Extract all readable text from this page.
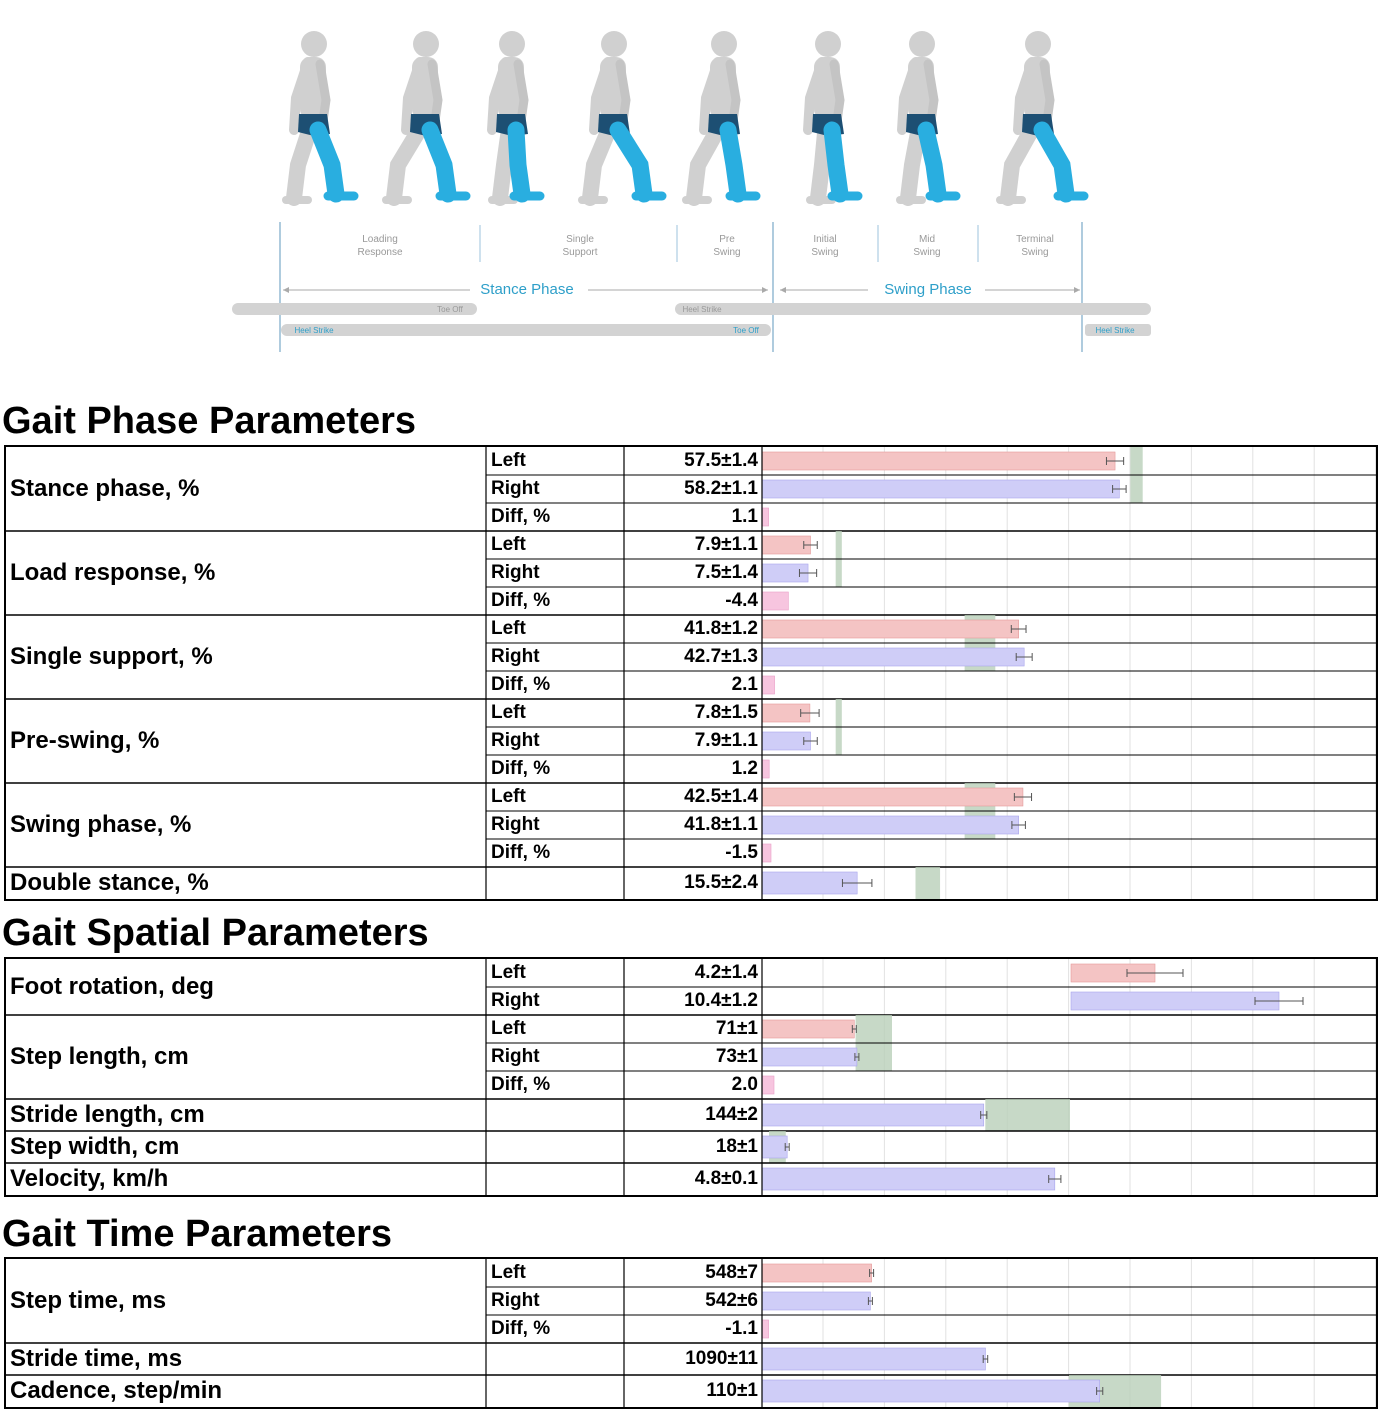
Loading Response
Single Support
Pre Swing
Initial Swing
Mid Swing
Terminal Swing
Stance Phase	Swing Phase
Toe Off	Heel Strike
Heel Strike	Toe Off	Heel Strike
Gait Phase Parameters
Gait Spatial Parameters
Gait Time Parameters
Stance phase, %
Left	57.5±1.4
Right	58.2±1.1
Diff, %	1.1
Load response, %
Left	7.9±1.1
Right	7.5±1.4
Diff, %	-4.4
Single support, %
Left	41.8±1.2
Right	42.7±1.3
Diff, %	2.1
Pre-swing, %
Left	7.8±1.5
Right	7.9±1.1
Diff, %	1.2
Swing phase, %
Left	42.5±1.4
Right	41.8±1.1
Diff, %	-1.5
Double stance, %	15.5±2.4
Foot rotation, deg
Left	4.2±1.4
Right	10.4±1.2
Step length, cm
Left	71±1
Right	73±1
Diff, %	2.0
Stride length, cm	144±2
Step width, cm	18±1
Velocity, km/h	4.8±0.1
Step time, ms
Left	548±7
Right	542±6
Diff, %	-1.1
Stride time, ms	1090±11
Cadence, step/min	110±1
